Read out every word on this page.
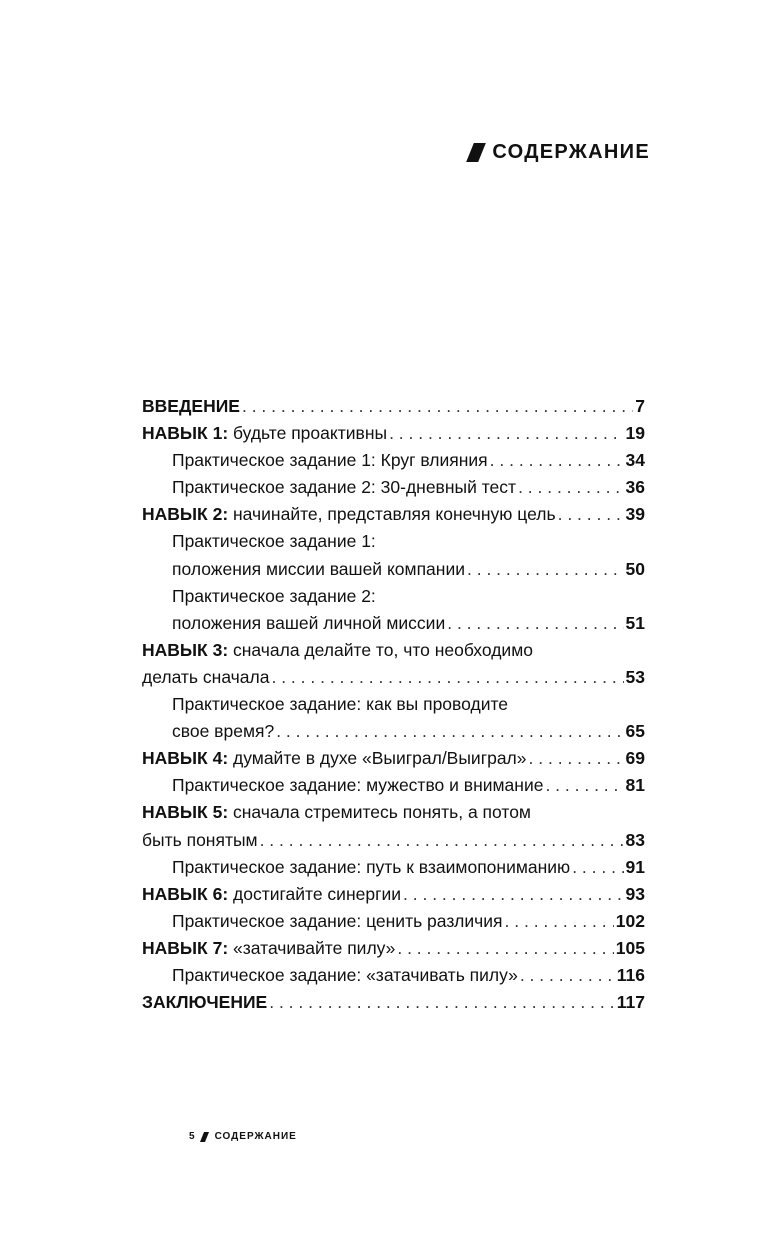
СОДЕРЖАНИЕ
ВВЕДЕНИЕ . . .	7
НАВЫК 1: будьте проактивны . . .	19
Практическое задание 1: Круг влияния . . .	34
Практическое задание 2: 30-дневный тест . . .	36
НАВЫК 2: начинайте, представляя конечную цель . . .	39
Практическое задание 1:
положения миссии вашей компании . . .	50
Практическое задание 2:
положения вашей личной миссии . . .	51
НАВЫК 3: сначала делайте то, что необходимо
делать сначала . . .	53
Практическое задание: как вы проводите
свое время? . . .	65
НАВЫК 4: думайте в духе «Выиграл/Выиграл» . . .	69
Практическое задание: мужество и внимание . . .	81
НАВЫК 5: сначала стремитесь понять, а потом
быть понятым . . .	83
Практическое задание: путь к взаимопониманию . . .	91
НАВЫК 6: достигайте синергии . . .	93
Практическое задание: ценить различия . . .	102
НАВЫК 7: «затачивайте пилу» . . .	105
Практическое задание: «затачивать пилу» . . .	116
ЗАКЛЮЧЕНИЕ . . .	117
5 СОДЕРЖАНИЕ
